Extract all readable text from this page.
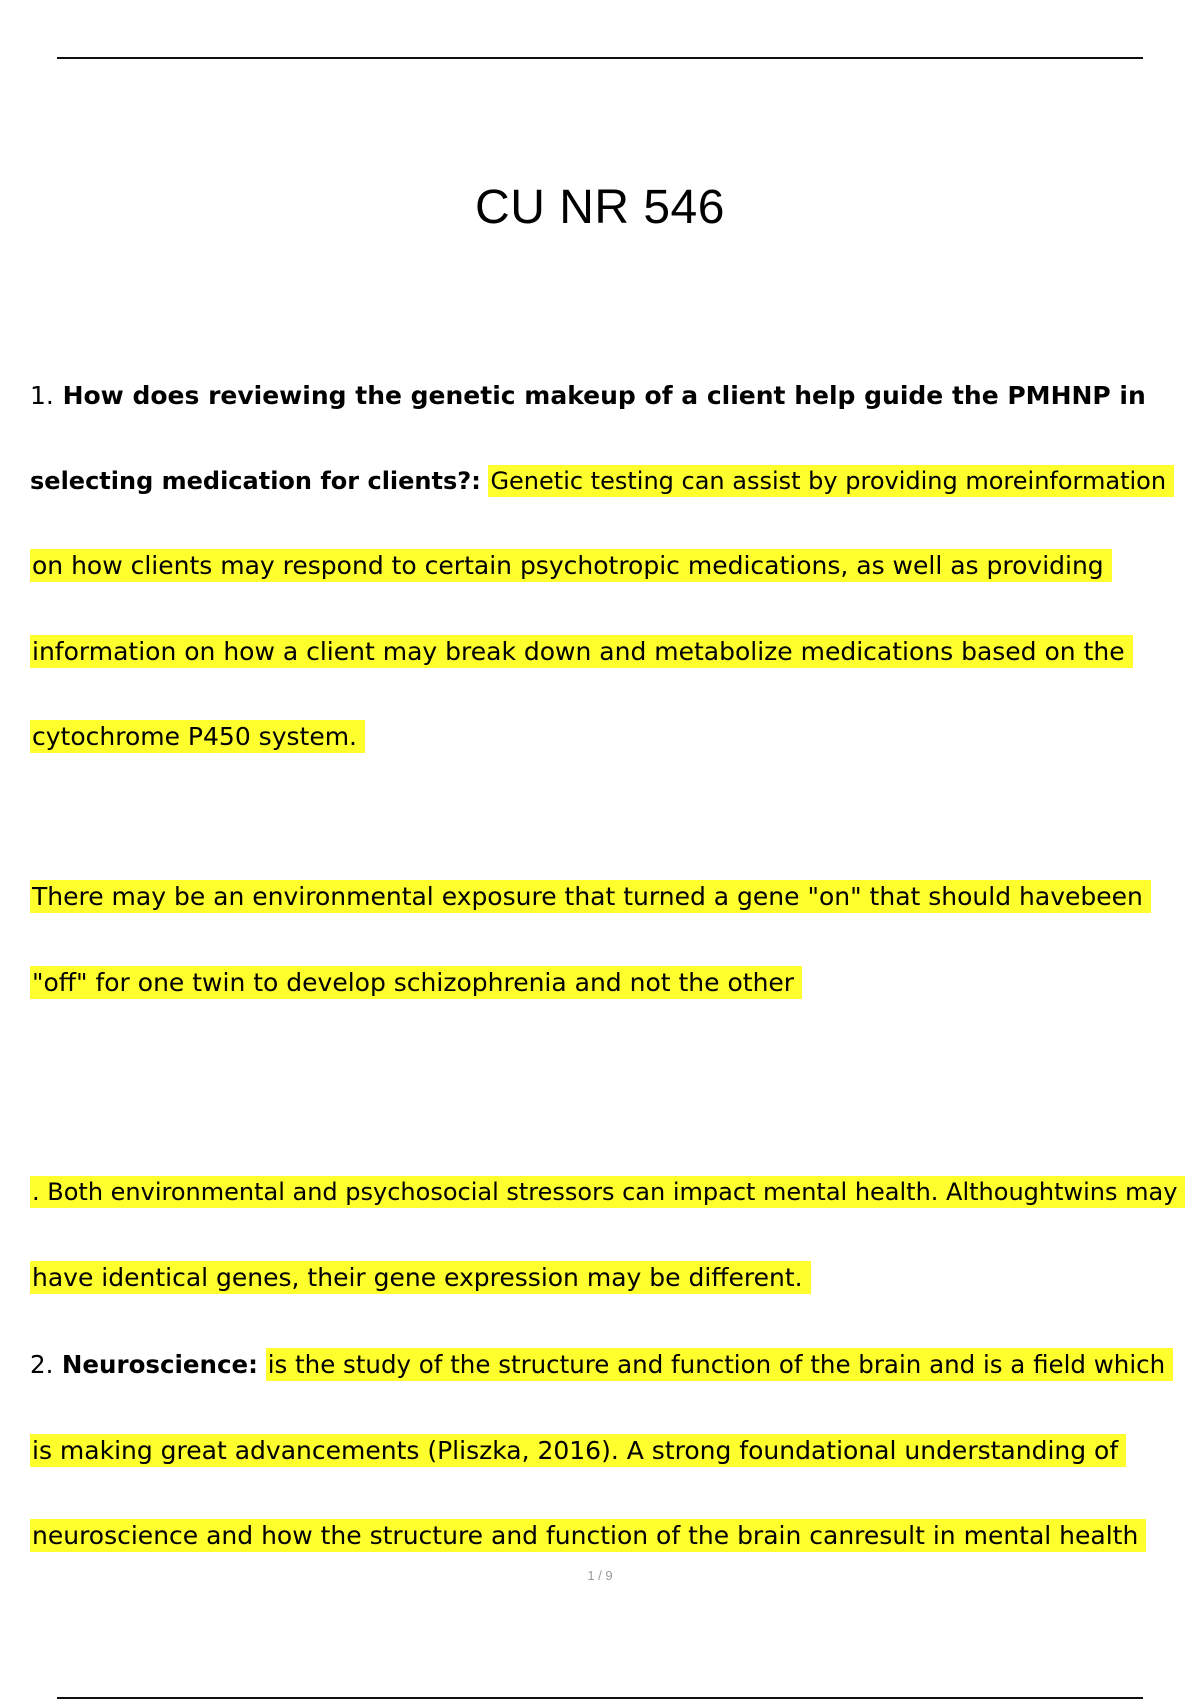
CU NR 546

1. How does reviewing the genetic makeup of a client help guide the PMHNP in

selecting medication for clients?: Genetic testing can assist by providing moreinformation

on how clients may respond to certain psychotropic medications, as well as providing

information on how a client may break down and metabolize medications based on the

cytochrome P450 system.

There may be an environmental exposure that turned a gene "on" that should havebeen

"off" for one twin to develop schizophrenia and not the other

. Both environmental and psychosocial stressors can impact mental health. Althoughtwins may

have identical genes, their gene expression may be different.

2. Neuroscience: is the study of the structure and function of the brain and is a field which

is making great advancements (Pliszka, 2016). A strong foundational understanding of

neuroscience and how the structure and function of the brain canresult in mental health

1 / 9
